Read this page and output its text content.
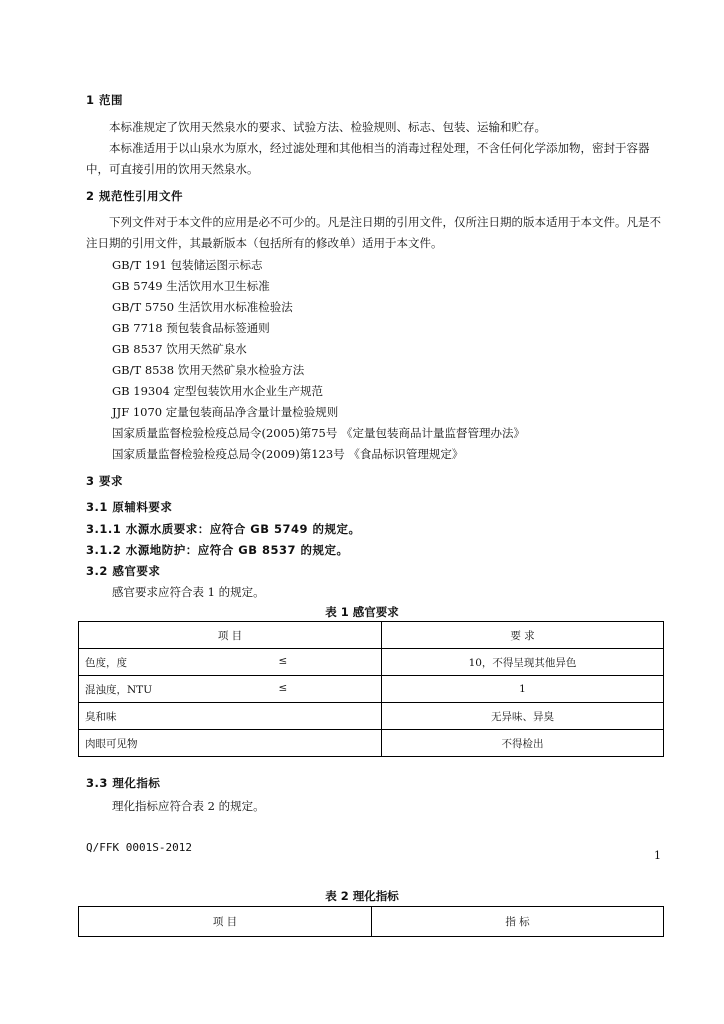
1 范围
本标准规定了饮用天然泉水的要求、试验方法、检验规则、标志、包装、运输和贮存。
本标准适用于以山泉水为原水，经过滤处理和其他相当的消毒过程处理，不含任何化学添加物，密封于容器中，可直接引用的饮用天然泉水。
2 规范性引用文件
下列文件对于本文件的应用是必不可少的。凡是注日期的引用文件，仅所注日期的版本适用于本文件。凡是不注日期的引用文件，其最新版本（包括所有的修改单）适用于本文件。
GB/T 191 包装储运图示标志
GB 5749 生活饮用水卫生标准
GB/T 5750 生活饮用水标准检验法
GB 7718 预包装食品标签通则
GB 8537 饮用天然矿泉水
GB/T 8538 饮用天然矿泉水检验方法
GB 19304 定型包装饮用水企业生产规范
JJF 1070 定量包装商品净含量计量检验规则
国家质量监督检验检疫总局令(2005)第75号 《定量包装商品计量监督管理办法》
国家质量监督检验检疫总局令(2009)第123号 《食品标识管理规定》
3 要求
3.1 原辅料要求
3.1.1 水源水质要求：应符合 GB 5749 的规定。
3.1.2 水源地防护：应符合 GB 8537 的规定。
3.2 感官要求
感官要求应符合表 1 的规定。
表 1 感官要求
项 目	要 求
色度，度 ≤	10，不得呈现其他异色
混浊度，NTU ≤	1
臭和味	无异味、异臭
肉眼可见物	不得检出
3.3 理化指标
理化指标应符合表 2 的规定。
Q/FFK 0001S-2012
1
表 2 理化指标
项 目	指 标
